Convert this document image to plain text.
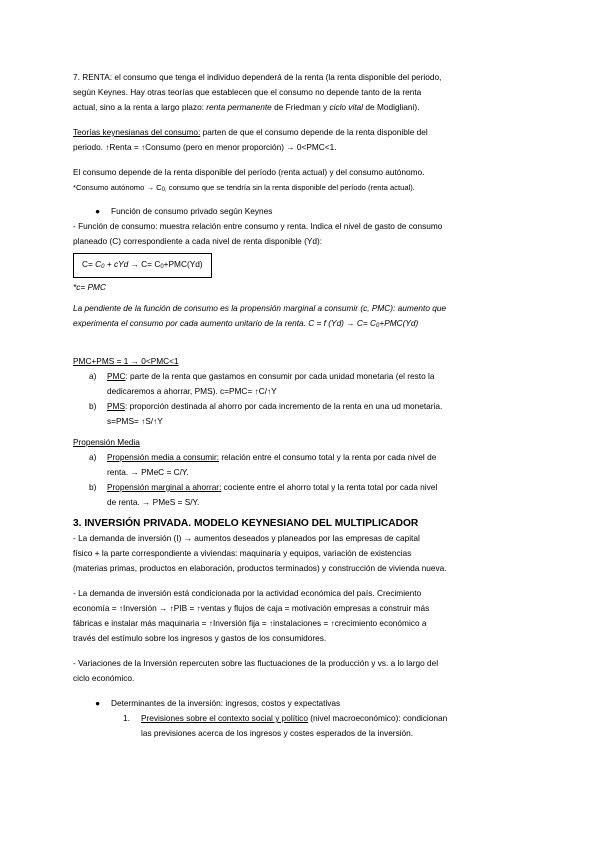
7. RENTA: el consumo que tenga el individuo dependerá de la renta (la renta disponible del periodo,

según Keynes. Hay otras teorías que establecen que el consumo no depende tanto de la renta

actual, sino a la renta a largo plazo: renta permanente de Friedman y ciclo vital de Modigliani).

Teorías keynesianas del consumo: parten de que el consumo depende de la renta disponible del

periodo. ↑Renta = ↑Consumo (pero en menor proporción) → 0<PMC<1.

El consumo depende de la renta disponible del período (renta actual) y del consumo autónomo.

*Consumo autónomo → C0, consumo que se tendría sin la renta disponible del período (renta actual).

●	Función de consumo privado según Keynes

- Función de consumo: muestra relación entre consumo y renta. Indica el nivel de gasto de consumo

planeado (C) correspondiente a cada nivel de renta disponible (Yd):

C= C0 + cYd → C= C0+PMC(Yd)

*c= PMC

La pendiente de la función de consumo es la propensión marginal a consumir (c, PMC): aumento que

experimenta el consumo por cada aumento unitario de la renta. C = f (Yd) → C= C0+PMC(Yd)

PMC+PMS = 1 → 0<PMC<1

a)	PMC: parte de la renta que gastamos en consumir por cada unidad monetaria (el resto la

dedicaremos a ahorrar, PMS). c=PMC= ↑C/↑Y

b)	PMS: proporción destinada al ahorro por cada incremento de la renta en una ud monetaria.

s=PMS= ↑S/↑Y

Propensión Media

a)	Propensión media a consumir: relación entre el consumo total y la renta por cada nivel de

renta. → PMeC = C/Y.

b)	Propensión marginal a ahorrar: cociente entre el ahorro total y la renta total por cada nivel

de renta. → PMeS = S/Y.

3. INVERSIÓN PRIVADA. MODELO KEYNESIANO DEL MULTIPLICADOR

- La demanda de inversión (I) → aumentos deseados y planeados por las empresas de capital

físico + la parte correspondiente a viviendas: maquinaria y equipos, variación de existencias

(materias primas, productos en elaboración, productos terminados) y construcción de vivienda nueva.

- La demanda de inversión está condicionada por la actividad económica del país. Crecimiento

economía = ↑Inversión → ↑PIB = ↑ventas y flujos de caja = motivación empresas a construir más

fábricas e instalar más maquinaria = ↑Inversión fija = ↑instalaciones = ↑crecimiento económico a

través del estímulo sobre los ingresos y gastos de los consumidores.

- Variaciones de la Inversión repercuten sobre las fluctuaciones de la producción y vs. a lo largo del

ciclo económico.

●	Determinantes de la inversión: ingresos, costos y expectativas
1.	Previsiones sobre el contexto social y político (nivel macroeconómico): condicionan

las previsiones acerca de los ingresos y costes esperados de la inversión.
